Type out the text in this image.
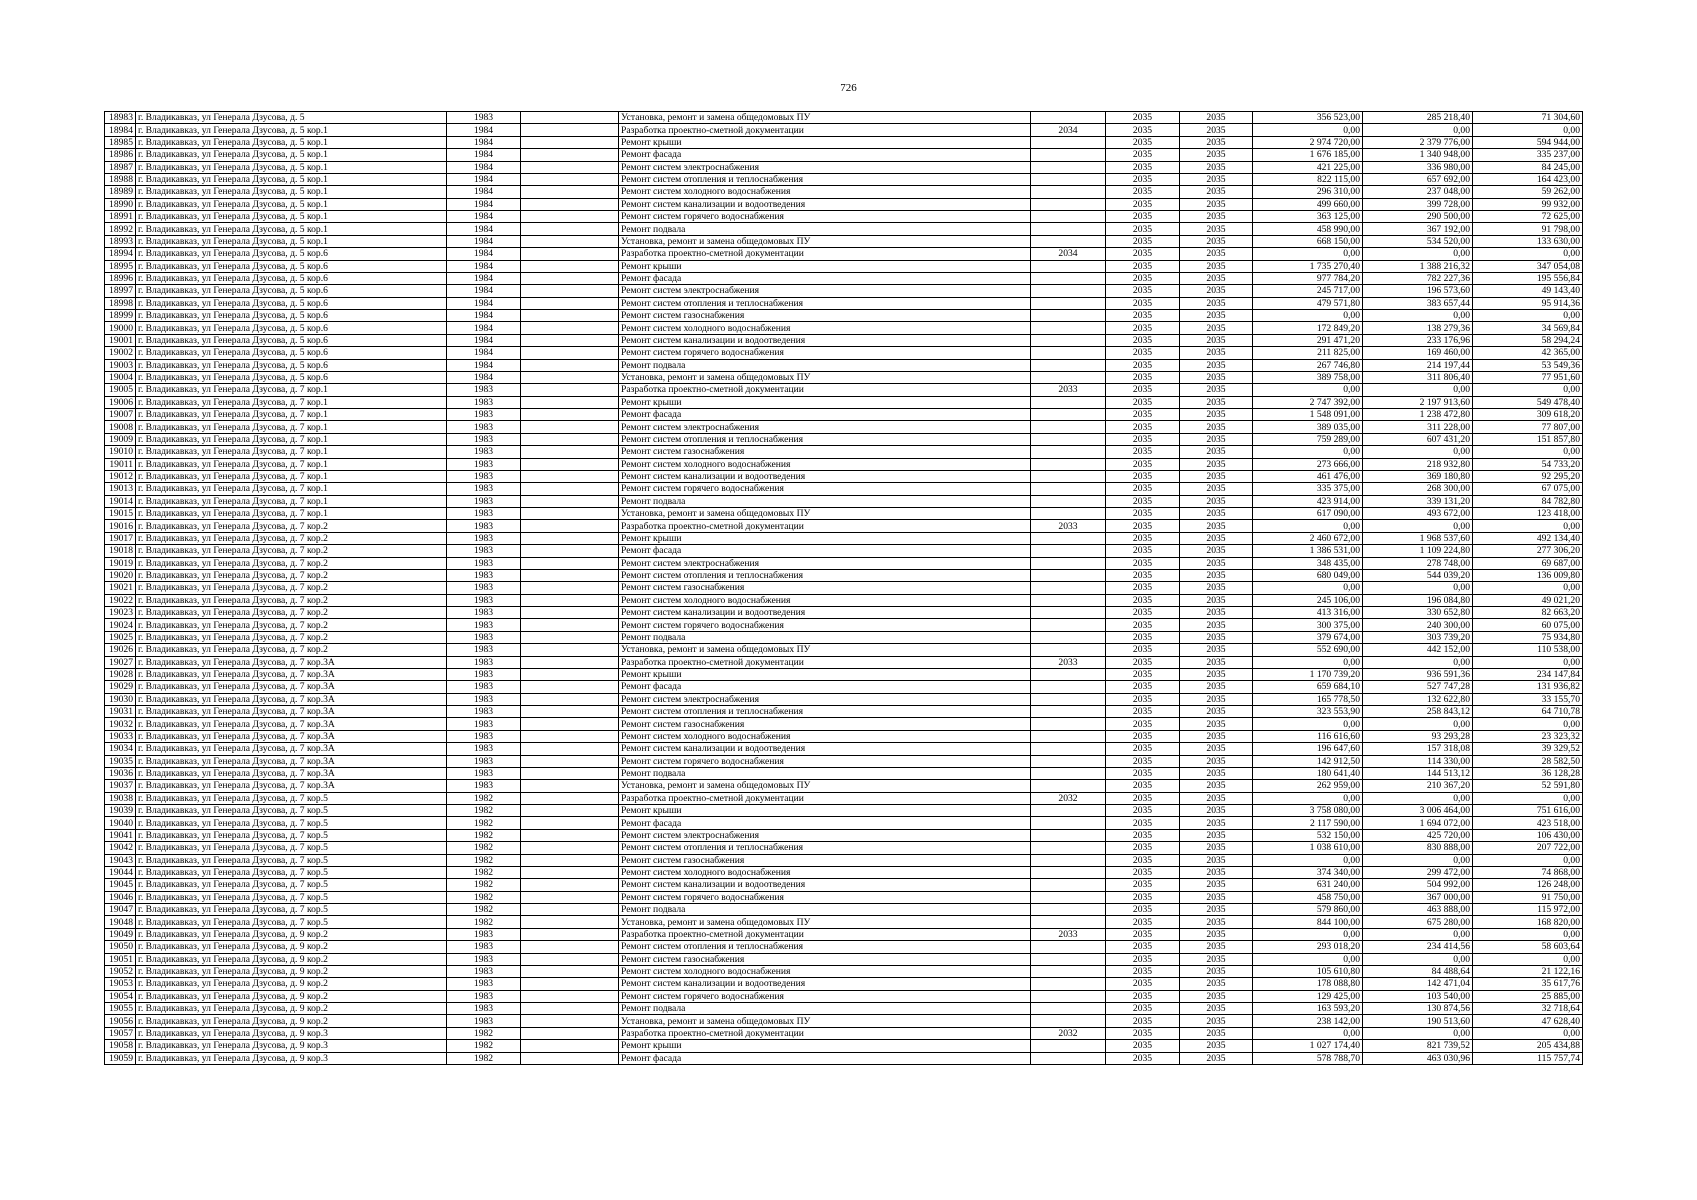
726
18983	г. Владикавказ, ул Генерала Дзусова, д. 5	1983		Установка, ремонт и замена общедомовых ПУ		2035	2035	356 523,00	285 218,40	71 304,60
18984	г. Владикавказ, ул Генерала Дзусова, д. 5 кор.1	1984		Разработка проектно-сметной документации	2034	2035	2035	0,00	0,00	0,00
18985	г. Владикавказ, ул Генерала Дзусова, д. 5 кор.1	1984		Ремонт крыши		2035	2035	2 974 720,00	2 379 776,00	594 944,00
18986	г. Владикавказ, ул Генерала Дзусова, д. 5 кор.1	1984		Ремонт фасада		2035	2035	1 676 185,00	1 340 948,00	335 237,00
18987	г. Владикавказ, ул Генерала Дзусова, д. 5 кор.1	1984		Ремонт систем электроснабжения		2035	2035	421 225,00	336 980,00	84 245,00
18988	г. Владикавказ, ул Генерала Дзусова, д. 5 кор.1	1984		Ремонт систем отопления и теплоснабжения		2035	2035	822 115,00	657 692,00	164 423,00
18989	г. Владикавказ, ул Генерала Дзусова, д. 5 кор.1	1984		Ремонт систем холодного водоснабжения		2035	2035	296 310,00	237 048,00	59 262,00
18990	г. Владикавказ, ул Генерала Дзусова, д. 5 кор.1	1984		Ремонт систем канализации и водоотведения		2035	2035	499 660,00	399 728,00	99 932,00
18991	г. Владикавказ, ул Генерала Дзусова, д. 5 кор.1	1984		Ремонт систем горячего водоснабжения		2035	2035	363 125,00	290 500,00	72 625,00
18992	г. Владикавказ, ул Генерала Дзусова, д. 5 кор.1	1984		Ремонт подвала		2035	2035	458 990,00	367 192,00	91 798,00
18993	г. Владикавказ, ул Генерала Дзусова, д. 5 кор.1	1984		Установка, ремонт и замена общедомовых ПУ		2035	2035	668 150,00	534 520,00	133 630,00
18994	г. Владикавказ, ул Генерала Дзусова, д. 5 кор.6	1984		Разработка проектно-сметной документации	2034	2035	2035	0,00	0,00	0,00
18995	г. Владикавказ, ул Генерала Дзусова, д. 5 кор.6	1984		Ремонт крыши		2035	2035	1 735 270,40	1 388 216,32	347 054,08
18996	г. Владикавказ, ул Генерала Дзусова, д. 5 кор.6	1984		Ремонт фасада		2035	2035	977 784,20	782 227,36	195 556,84
18997	г. Владикавказ, ул Генерала Дзусова, д. 5 кор.6	1984		Ремонт систем электроснабжения		2035	2035	245 717,00	196 573,60	49 143,40
18998	г. Владикавказ, ул Генерала Дзусова, д. 5 кор.6	1984		Ремонт систем отопления и теплоснабжения		2035	2035	479 571,80	383 657,44	95 914,36
18999	г. Владикавказ, ул Генерала Дзусова, д. 5 кор.6	1984		Ремонт систем газоснабжения		2035	2035	0,00	0,00	0,00
19000	г. Владикавказ, ул Генерала Дзусова, д. 5 кор.6	1984		Ремонт систем холодного водоснабжения		2035	2035	172 849,20	138 279,36	34 569,84
19001	г. Владикавказ, ул Генерала Дзусова, д. 5 кор.6	1984		Ремонт систем канализации и водоотведения		2035	2035	291 471,20	233 176,96	58 294,24
19002	г. Владикавказ, ул Генерала Дзусова, д. 5 кор.6	1984		Ремонт систем горячего водоснабжения		2035	2035	211 825,00	169 460,00	42 365,00
19003	г. Владикавказ, ул Генерала Дзусова, д. 5 кор.6	1984		Ремонт подвала		2035	2035	267 746,80	214 197,44	53 549,36
19004	г. Владикавказ, ул Генерала Дзусова, д. 5 кор.6	1984		Установка, ремонт и замена общедомовых ПУ		2035	2035	389 758,00	311 806,40	77 951,60
19005	г. Владикавказ, ул Генерала Дзусова, д. 7 кор.1	1983		Разработка проектно-сметной документации	2033	2035	2035	0,00	0,00	0,00
19006	г. Владикавказ, ул Генерала Дзусова, д. 7 кор.1	1983		Ремонт крыши		2035	2035	2 747 392,00	2 197 913,60	549 478,40
19007	г. Владикавказ, ул Генерала Дзусова, д. 7 кор.1	1983		Ремонт фасада		2035	2035	1 548 091,00	1 238 472,80	309 618,20
19008	г. Владикавказ, ул Генерала Дзусова, д. 7 кор.1	1983		Ремонт систем электроснабжения		2035	2035	389 035,00	311 228,00	77 807,00
19009	г. Владикавказ, ул Генерала Дзусова, д. 7 кор.1	1983		Ремонт систем отопления и теплоснабжения		2035	2035	759 289,00	607 431,20	151 857,80
19010	г. Владикавказ, ул Генерала Дзусова, д. 7 кор.1	1983		Ремонт систем газоснабжения		2035	2035	0,00	0,00	0,00
19011	г. Владикавказ, ул Генерала Дзусова, д. 7 кор.1	1983		Ремонт систем холодного водоснабжения		2035	2035	273 666,00	218 932,80	54 733,20
19012	г. Владикавказ, ул Генерала Дзусова, д. 7 кор.1	1983		Ремонт систем канализации и водоотведения		2035	2035	461 476,00	369 180,80	92 295,20
19013	г. Владикавказ, ул Генерала Дзусова, д. 7 кор.1	1983		Ремонт систем горячего водоснабжения		2035	2035	335 375,00	268 300,00	67 075,00
19014	г. Владикавказ, ул Генерала Дзусова, д. 7 кор.1	1983		Ремонт подвала		2035	2035	423 914,00	339 131,20	84 782,80
19015	г. Владикавказ, ул Генерала Дзусова, д. 7 кор.1	1983		Установка, ремонт и замена общедомовых ПУ		2035	2035	617 090,00	493 672,00	123 418,00
19016	г. Владикавказ, ул Генерала Дзусова, д. 7 кор.2	1983		Разработка проектно-сметной документации	2033	2035	2035	0,00	0,00	0,00
19017	г. Владикавказ, ул Генерала Дзусова, д. 7 кор.2	1983		Ремонт крыши		2035	2035	2 460 672,00	1 968 537,60	492 134,40
19018	г. Владикавказ, ул Генерала Дзусова, д. 7 кор.2	1983		Ремонт фасада		2035	2035	1 386 531,00	1 109 224,80	277 306,20
19019	г. Владикавказ, ул Генерала Дзусова, д. 7 кор.2	1983		Ремонт систем электроснабжения		2035	2035	348 435,00	278 748,00	69 687,00
19020	г. Владикавказ, ул Генерала Дзусова, д. 7 кор.2	1983		Ремонт систем отопления и теплоснабжения		2035	2035	680 049,00	544 039,20	136 009,80
19021	г. Владикавказ, ул Генерала Дзусова, д. 7 кор.2	1983		Ремонт систем газоснабжения		2035	2035	0,00	0,00	0,00
19022	г. Владикавказ, ул Генерала Дзусова, д. 7 кор.2	1983		Ремонт систем холодного водоснабжения		2035	2035	245 106,00	196 084,80	49 021,20
19023	г. Владикавказ, ул Генерала Дзусова, д. 7 кор.2	1983		Ремонт систем канализации и водоотведения		2035	2035	413 316,00	330 652,80	82 663,20
19024	г. Владикавказ, ул Генерала Дзусова, д. 7 кор.2	1983		Ремонт систем горячего водоснабжения		2035	2035	300 375,00	240 300,00	60 075,00
19025	г. Владикавказ, ул Генерала Дзусова, д. 7 кор.2	1983		Ремонт подвала		2035	2035	379 674,00	303 739,20	75 934,80
19026	г. Владикавказ, ул Генерала Дзусова, д. 7 кор.2	1983		Установка, ремонт и замена общедомовых ПУ		2035	2035	552 690,00	442 152,00	110 538,00
19027	г. Владикавказ, ул Генерала Дзусова, д. 7 кор.3А	1983		Разработка проектно-сметной документации	2033	2035	2035	0,00	0,00	0,00
19028	г. Владикавказ, ул Генерала Дзусова, д. 7 кор.3А	1983		Ремонт крыши		2035	2035	1 170 739,20	936 591,36	234 147,84
19029	г. Владикавказ, ул Генерала Дзусова, д. 7 кор.3А	1983		Ремонт фасада		2035	2035	659 684,10	527 747,28	131 936,82
19030	г. Владикавказ, ул Генерала Дзусова, д. 7 кор.3А	1983		Ремонт систем электроснабжения		2035	2035	165 778,50	132 622,80	33 155,70
19031	г. Владикавказ, ул Генерала Дзусова, д. 7 кор.3А	1983		Ремонт систем отопления и теплоснабжения		2035	2035	323 553,90	258 843,12	64 710,78
19032	г. Владикавказ, ул Генерала Дзусова, д. 7 кор.3А	1983		Ремонт систем газоснабжения		2035	2035	0,00	0,00	0,00
19033	г. Владикавказ, ул Генерала Дзусова, д. 7 кор.3А	1983		Ремонт систем холодного водоснабжения		2035	2035	116 616,60	93 293,28	23 323,32
19034	г. Владикавказ, ул Генерала Дзусова, д. 7 кор.3А	1983		Ремонт систем канализации и водоотведения		2035	2035	196 647,60	157 318,08	39 329,52
19035	г. Владикавказ, ул Генерала Дзусова, д. 7 кор.3А	1983		Ремонт систем горячего водоснабжения		2035	2035	142 912,50	114 330,00	28 582,50
19036	г. Владикавказ, ул Генерала Дзусова, д. 7 кор.3А	1983		Ремонт подвала		2035	2035	180 641,40	144 513,12	36 128,28
19037	г. Владикавказ, ул Генерала Дзусова, д. 7 кор.3А	1983		Установка, ремонт и замена общедомовых ПУ		2035	2035	262 959,00	210 367,20	52 591,80
19038	г. Владикавказ, ул Генерала Дзусова, д. 7 кор.5	1982		Разработка проектно-сметной документации	2032	2035	2035	0,00	0,00	0,00
19039	г. Владикавказ, ул Генерала Дзусова, д. 7 кор.5	1982		Ремонт крыши		2035	2035	3 758 080,00	3 006 464,00	751 616,00
19040	г. Владикавказ, ул Генерала Дзусова, д. 7 кор.5	1982		Ремонт фасада		2035	2035	2 117 590,00	1 694 072,00	423 518,00
19041	г. Владикавказ, ул Генерала Дзусова, д. 7 кор.5	1982		Ремонт систем электроснабжения		2035	2035	532 150,00	425 720,00	106 430,00
19042	г. Владикавказ, ул Генерала Дзусова, д. 7 кор.5	1982		Ремонт систем отопления и теплоснабжения		2035	2035	1 038 610,00	830 888,00	207 722,00
19043	г. Владикавказ, ул Генерала Дзусова, д. 7 кор.5	1982		Ремонт систем газоснабжения		2035	2035	0,00	0,00	0,00
19044	г. Владикавказ, ул Генерала Дзусова, д. 7 кор.5	1982		Ремонт систем холодного водоснабжения		2035	2035	374 340,00	299 472,00	74 868,00
19045	г. Владикавказ, ул Генерала Дзусова, д. 7 кор.5	1982		Ремонт систем канализации и водоотведения		2035	2035	631 240,00	504 992,00	126 248,00
19046	г. Владикавказ, ул Генерала Дзусова, д. 7 кор.5	1982		Ремонт систем горячего водоснабжения		2035	2035	458 750,00	367 000,00	91 750,00
19047	г. Владикавказ, ул Генерала Дзусова, д. 7 кор.5	1982		Ремонт подвала		2035	2035	579 860,00	463 888,00	115 972,00
19048	г. Владикавказ, ул Генерала Дзусова, д. 7 кор.5	1982		Установка, ремонт и замена общедомовых ПУ		2035	2035	844 100,00	675 280,00	168 820,00
19049	г. Владикавказ, ул Генерала Дзусова, д. 9 кор.2	1983		Разработка проектно-сметной документации	2033	2035	2035	0,00	0,00	0,00
19050	г. Владикавказ, ул Генерала Дзусова, д. 9 кор.2	1983		Ремонт систем отопления и теплоснабжения		2035	2035	293 018,20	234 414,56	58 603,64
19051	г. Владикавказ, ул Генерала Дзусова, д. 9 кор.2	1983		Ремонт систем газоснабжения		2035	2035	0,00	0,00	0,00
19052	г. Владикавказ, ул Генерала Дзусова, д. 9 кор.2	1983		Ремонт систем холодного водоснабжения		2035	2035	105 610,80	84 488,64	21 122,16
19053	г. Владикавказ, ул Генерала Дзусова, д. 9 кор.2	1983		Ремонт систем канализации и водоотведения		2035	2035	178 088,80	142 471,04	35 617,76
19054	г. Владикавказ, ул Генерала Дзусова, д. 9 кор.2	1983		Ремонт систем горячего водоснабжения		2035	2035	129 425,00	103 540,00	25 885,00
19055	г. Владикавказ, ул Генерала Дзусова, д. 9 кор.2	1983		Ремонт подвала		2035	2035	163 593,20	130 874,56	32 718,64
19056	г. Владикавказ, ул Генерала Дзусова, д. 9 кор.2	1983		Установка, ремонт и замена общедомовых ПУ		2035	2035	238 142,00	190 513,60	47 628,40
19057	г. Владикавказ, ул Генерала Дзусова, д. 9 кор.3	1982		Разработка проектно-сметной документации	2032	2035	2035	0,00	0,00	0,00
19058	г. Владикавказ, ул Генерала Дзусова, д. 9 кор.3	1982		Ремонт крыши		2035	2035	1 027 174,40	821 739,52	205 434,88
19059	г. Владикавказ, ул Генерала Дзусова, д. 9 кор.3	1982		Ремонт фасада		2035	2035	578 788,70	463 030,96	115 757,74
